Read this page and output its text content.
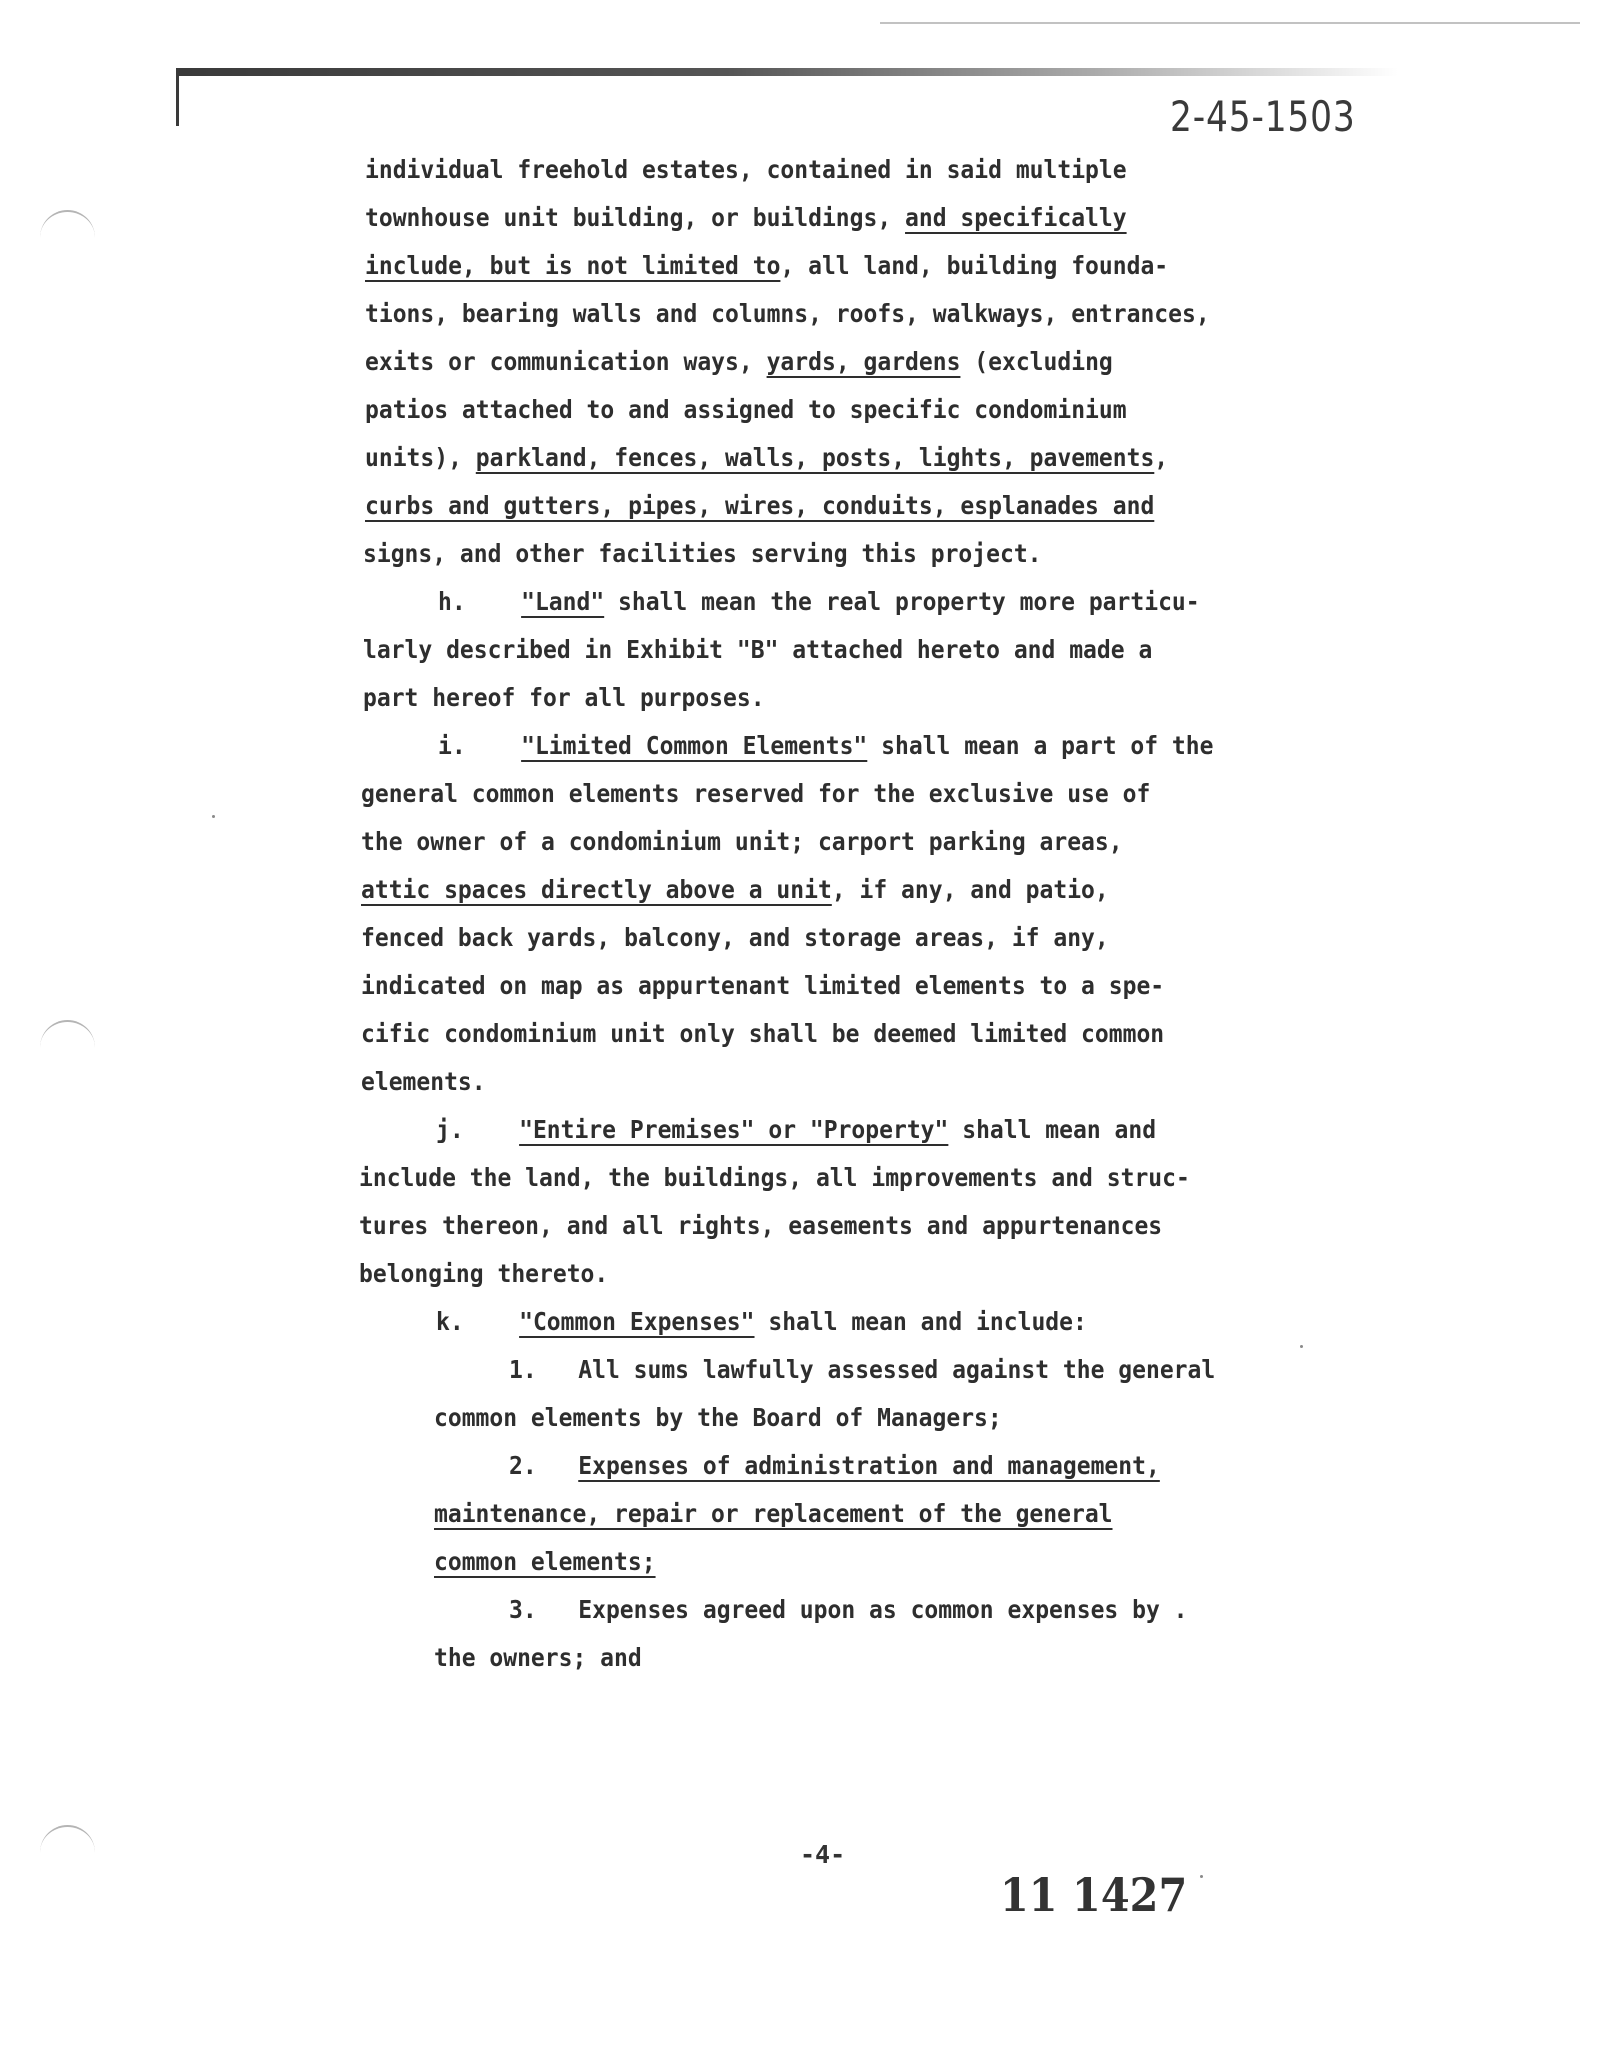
2-45-1503
individual freehold estates, contained in said multiple
townhouse unit building, or buildings, and specifically
include, but is not limited to, all land, building founda-
tions, bearing walls and columns, roofs, walkways, entrances,
exits or communication ways, yards, gardens (excluding
patios attached to and assigned to specific condominium
units), parkland, fences, walls, posts, lights, pavements,
curbs and gutters, pipes, wires, conduits, esplanades and
signs, and other facilities serving this project.
h. "Land" shall mean the real property more particu-
larly described in Exhibit "B" attached hereto and made a
part hereof for all purposes.
i. "Limited Common Elements" shall mean a part of the
general common elements reserved for the exclusive use of
the owner of a condominium unit; carport parking areas,
attic spaces directly above a unit, if any, and patio,
fenced back yards, balcony, and storage areas, if any,
indicated on map as appurtenant limited elements to a spe-
cific condominium unit only shall be deemed limited common
elements.
j. "Entire Premises" or "Property" shall mean and
include the land, the buildings, all improvements and struc-
tures thereon, and all rights, easements and appurtenances
belonging thereto.
k. "Common Expenses" shall mean and include:
1. All sums lawfully assessed against the general
common elements by the Board of Managers;
2. Expenses of administration and management,
maintenance, repair or replacement of the general
common elements;
3. Expenses agreed upon as common expenses by .
the owners; and
-4-
11 1427
